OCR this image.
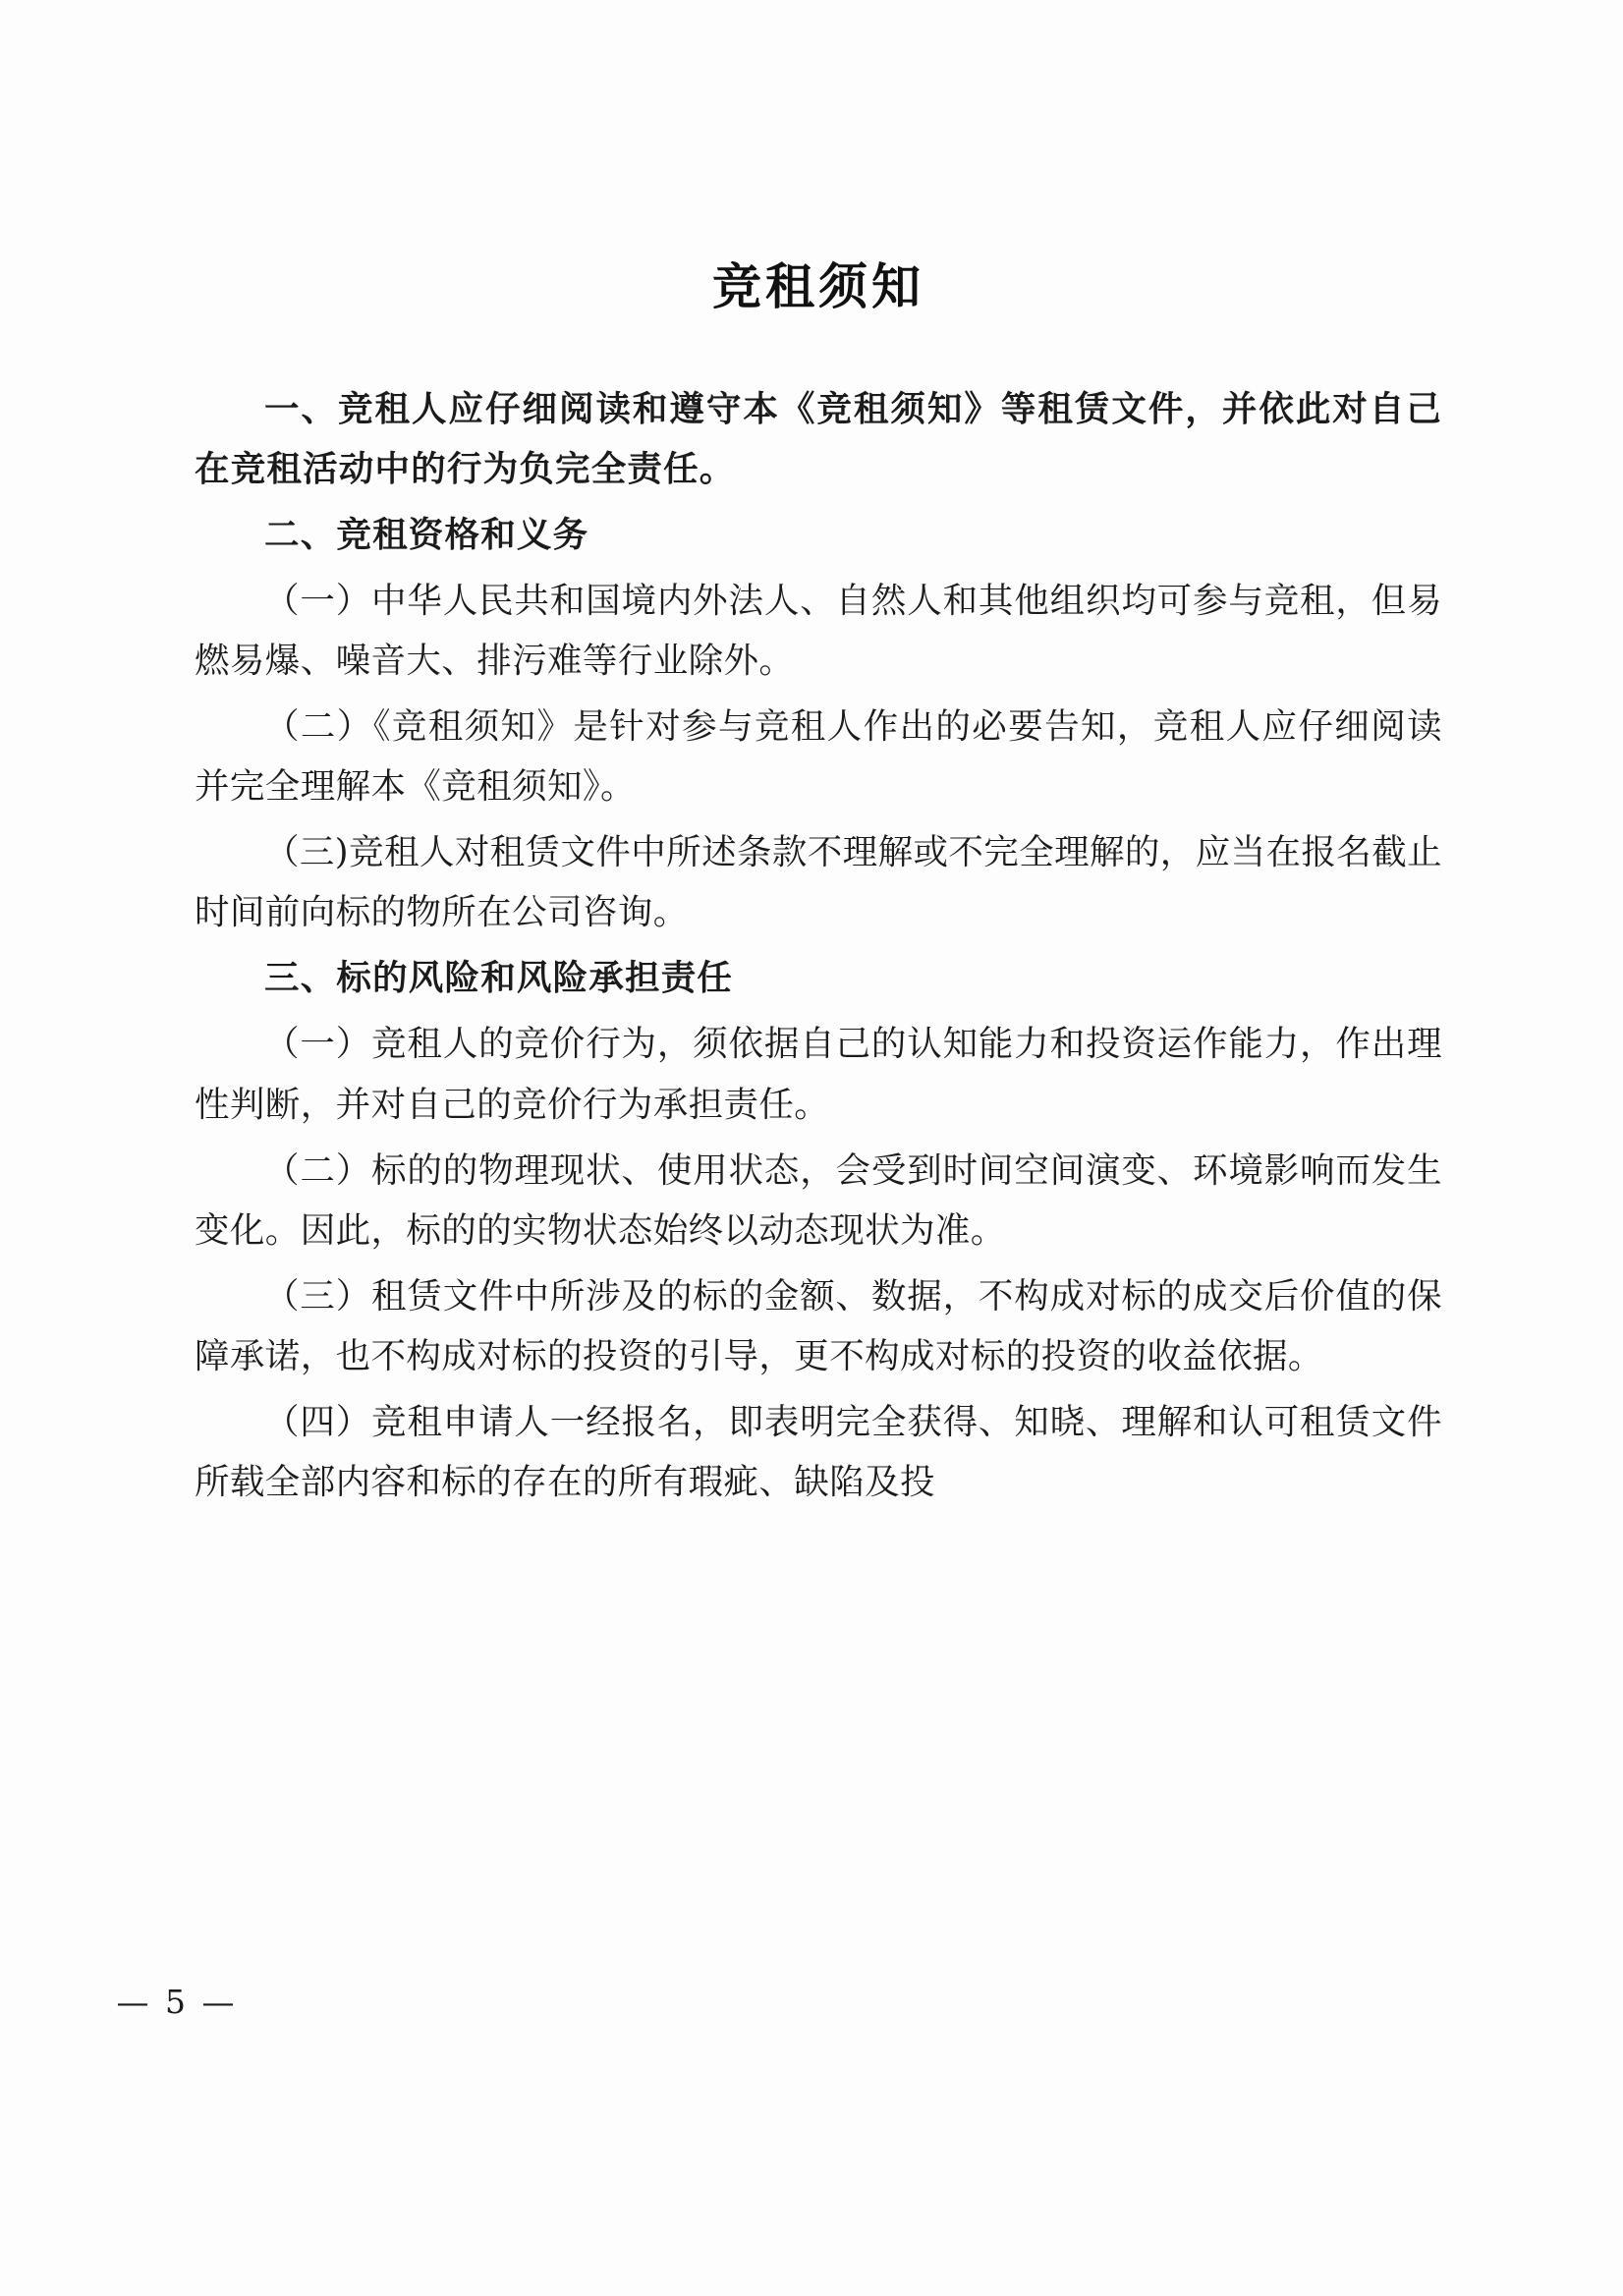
竞租须知

一、竞租人应仔细阅读和遵守本《竞租须知》等租赁文件，并依此对自己在竞租活动中的行为负完全责任。

二、竞租资格和义务

（一）中华人民共和国境内外法人、自然人和其他组织均可参与竞租，但易燃易爆、噪音大、排污难等行业除外。

（二）《竞租须知》是针对参与竞租人作出的必要告知，竞租人应仔细阅读并完全理解本《竞租须知》。

（三)竞租人对租赁文件中所述条款不理解或不完全理解的，应当在报名截止时间前向标的物所在公司咨询。

三、标的风险和风险承担责任

（一）竞租人的竞价行为，须依据自己的认知能力和投资运作能力，作出理性判断，并对自己的竞价行为承担责任。

（二）标的的物理现状、使用状态，会受到时间空间演变、环境影响而发生变化。因此，标的的实物状态始终以动态现状为准。

（三）租赁文件中所涉及的标的金额、数据，不构成对标的成交后价值的保障承诺，也不构成对标的投资的引导，更不构成对标的投资的收益依据。

（四）竞租申请人一经报名，即表明完全获得、知晓、理解和认可租赁文件所载全部内容和标的存在的所有瑕疵、缺陷及投

— 5 —
